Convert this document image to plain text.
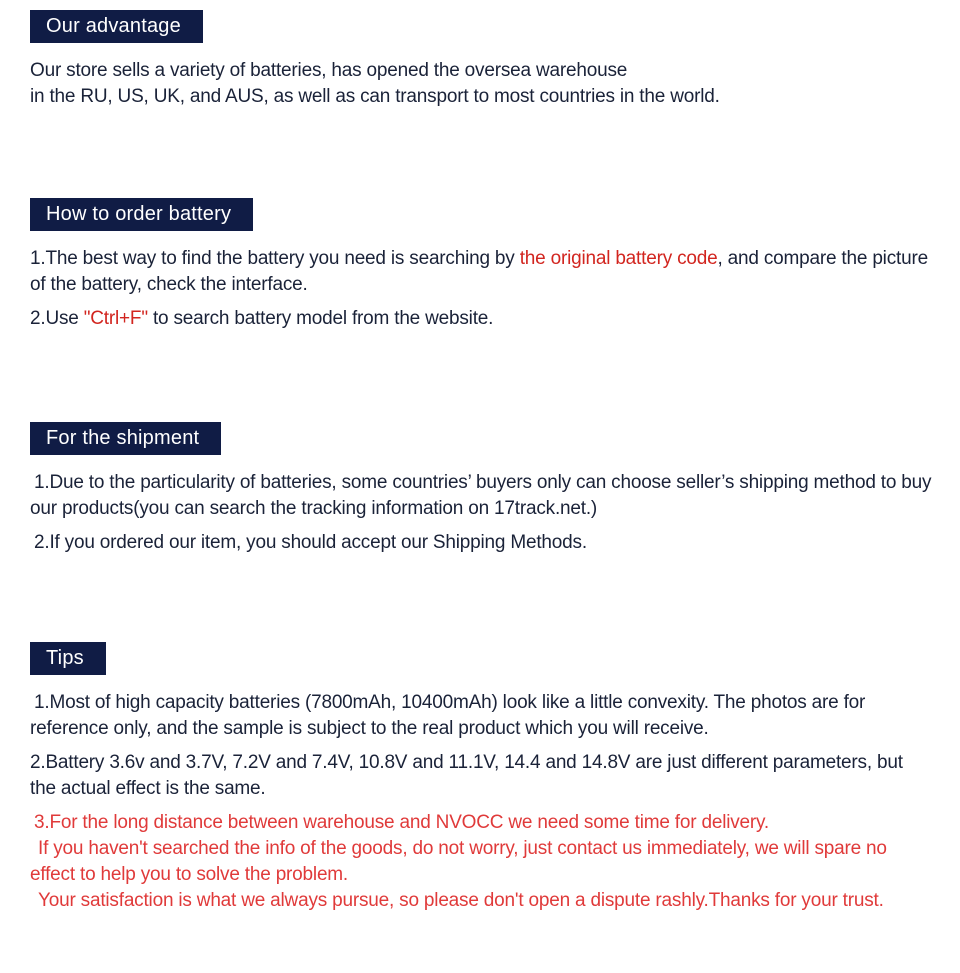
Our advantage

Our store sells a variety of batteries, has opened the oversea warehouse
in the RU, US, UK, and AUS, as well as can transport to most countries in the world.

How to order battery

1.The best way to find the battery you need is searching by the original battery code, and compare the picture of the battery, check the interface.

2.Use "Ctrl+F" to search battery model from the website.

For the shipment

1.Due to the particularity of batteries, some countries’ buyers only can choose seller’s shipping method to buy our products(you can search the tracking information on 17track.net.)

2.If you ordered our item, you should accept our Shipping Methods.

Tips

1.Most of high capacity batteries (7800mAh, 10400mAh) look like a little convexity. The photos are for reference only, and the sample is subject to the real product which you will receive.

2.Battery 3.6v and 3.7V, 7.2V and 7.4V, 10.8V and 11.1V, 14.4 and 14.8V are just different parameters, but the actual effect is the same.

3.For the long distance between warehouse and NVOCC we need some time for delivery.

If you haven't searched the info of the goods, do not worry, just contact us immediately, we will spare no effect to help you to solve the problem.

Your satisfaction is what we always pursue, so please don't open a dispute rashly.Thanks for your trust.
